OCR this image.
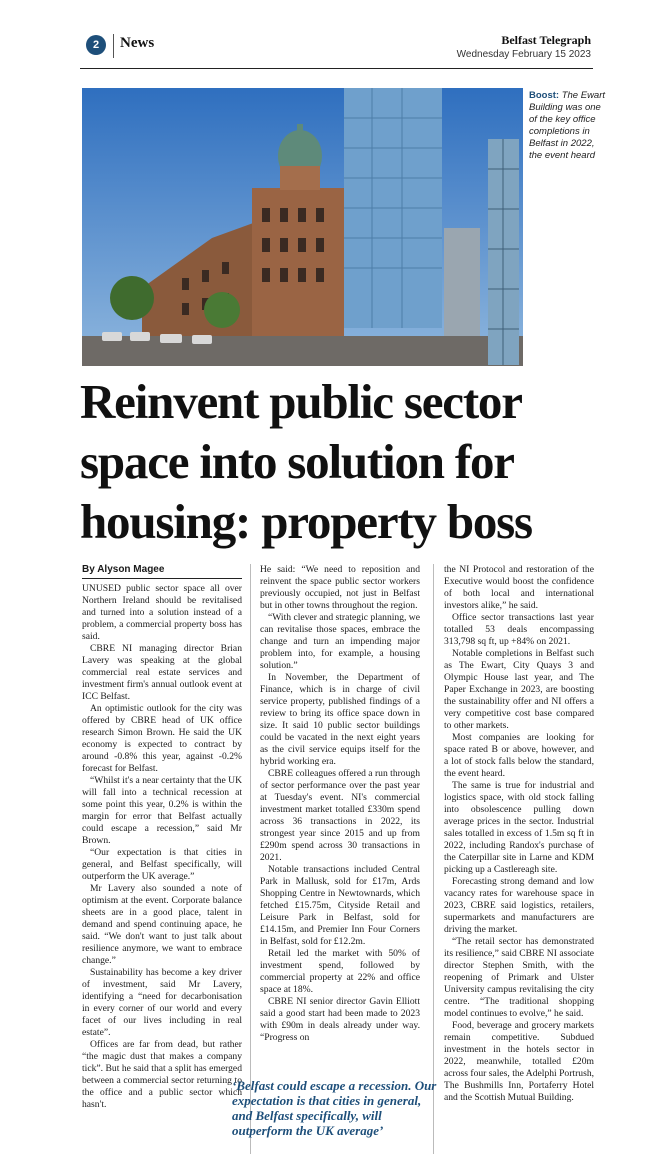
2	News	Belfast Telegraph
Wednesday February 15 2023
Boost: The Ewart Building was one of the key office completions in Belfast in 2022, the event heard
Reinvent public sector space into solution for housing: property boss
By Alyson Magee

UNUSED public sector space all over Northern Ireland should be revitalised and turned into a solution instead of a problem, a commercial property boss has said.

CBRE NI managing director Brian Lavery was speaking at the global commercial real estate services and investment firm's annual outlook event at ICC Belfast.

An optimistic outlook for the city was offered by CBRE head of UK office research Simon Brown. He said the UK economy is expected to contract by around -0.8% this year, against -0.2% forecast for Belfast.

“Whilst it's a near certainty that the UK will fall into a technical recession at some point this year, 0.2% is within the margin for error that Belfast actually could escape a recession,” said Mr Brown.

“Our expectation is that cities in general, and Belfast specifically, will outperform the UK average.”

Mr Lavery also sounded a note of optimism at the event. Corporate balance sheets are in a good place, talent in demand and spend continuing apace, he said. “We don't want to just talk about resilience anymore, we want to embrace change.”

Sustainability has become a key driver of investment, said Mr Lavery, identifying a “need for decarbonisation in every corner of our world and every facet of our lives including in real estate”.

Offices are far from dead, but rather “the magic dust that makes a company tick”. But he said that a split has emerged between a commercial sector returning to the office and a public sector which hasn't.

He said: “We need to reposition and reinvent the space public sector workers previously occupied, not just in Belfast but in other towns throughout the region.

“With clever and strategic planning, we can revitalise those spaces, embrace the change and turn an impending major problem into, for example, a housing solution.”

In November, the Department of Finance, which is in charge of civil service property, published findings of a review to bring its office space down in size. It said 10 public sector buildings could be vacated in the next eight years as the civil service equips itself for the hybrid working era.

CBRE colleagues offered a run through of sector performance over the past year at Tuesday's event. NI's commercial investment market totalled £330m spend across 36 transactions in 2022, its strongest year since 2015 and up from £290m spend across 30 transactions in 2021.

Notable transactions included Central Park in Mallusk, sold for £17m, Ards Shopping Centre in Newtownards, which fetched £15.75m, Cityside Retail and Leisure Park in Belfast, sold for £14.15m, and Premier Inn Four Corners in Belfast, sold for £12.2m.

Retail led the market with 50% of investment spend, followed by commercial property at 22% and office space at 18%.

CBRE NI senior director Gavin Elliott said a good start had been made to 2023 with £90m in deals already under way. “Progress on

the NI Protocol and restoration of the Executive would boost the confidence of both local and international investors alike,” he said.

Office sector transactions last year totalled 53 deals encompassing 313,798 sq ft, up +84% on 2021.

Notable completions in Belfast such as The Ewart, City Quays 3 and Olympic House last year, and The Paper Exchange in 2023, are boosting the sustainability offer and NI offers a very competitive cost base compared to other markets.

Most companies are looking for space rated B or above, however, and a lot of stock falls below the standard, the event heard.

The same is true for industrial and logistics space, with old stock falling into obsolescence pulling down average prices in the sector. Industrial sales totalled in excess of 1.5m sq ft in 2022, including Randox's purchase of the Caterpillar site in Larne and KDM picking up a Castlereagh site.

Forecasting strong demand and low vacancy rates for warehouse space in 2023, CBRE said logistics, retailers, supermarkets and manufacturers are driving the market.

“The retail sector has demonstrated its resilience,” said CBRE NI associate director Stephen Smith, with the reopening of Primark and Ulster University campus revitalising the city centre. “The traditional shopping model continues to evolve,” he said.

Food, beverage and grocery markets remain competitive. Subdued investment in the hotels sector in 2022, meanwhile, totalled £20m across four sales, the Adelphi Portrush, The Bushmills Inn, Portaferry Hotel and the Scottish Mutual Building.

‘Belfast could escape a recession. Our expectation is that cities in general, and Belfast specifically, will outperform the UK average’
